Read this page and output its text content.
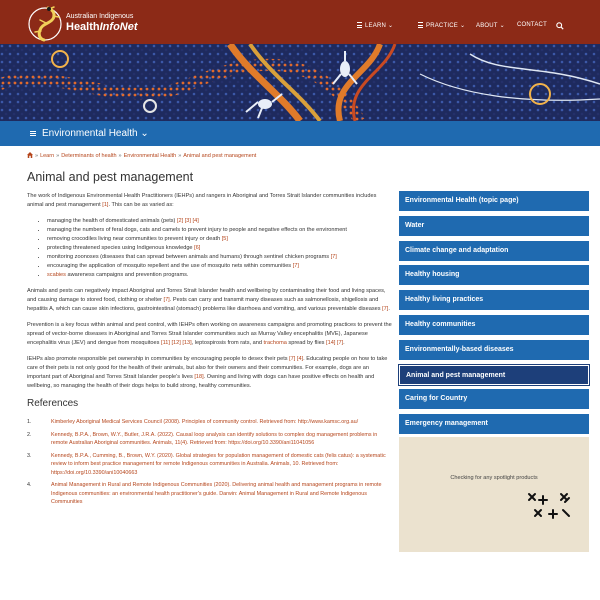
Australian Indigenous
HealthInfoNet	LEARN ⌄	PRACTICE ⌄ ABOUT ⌄ CONTACT
Environmental Health ⌄
» Learn » Determinants of health » Environmental Health » Animal and pest management
Animal and pest management

The work of Indigenous Environmental Health Practitioners (IEHPs) and rangers in Aboriginal and Torres Strait Islander communities includes animal and pest management [1]. This can be as varied as:

• managing the health of domesticated animals (pets) [2] [3] [4]
• managing the numbers of feral dogs, cats and camels to prevent injury to people and negative effects on the environment
• removing crocodiles living near communities to prevent injury or death [5]
• protecting threatened species using Indigenous knowledge [6]
• monitoring zoonoses (diseases that can spread between animals and humans) through sentinel chicken programs [7]
• encouraging the application of mosquito repellent and the use of mosquito nets within communities [7]
• scabies awareness campaigns and prevention programs.

Animals and pests can negatively impact Aboriginal and Torres Strait Islander health and wellbeing by contaminating their food and living spaces, and causing damage to stored food, clothing or shelter [7]. Pests can carry and transmit many diseases such as salmonellosis, shigellosis and hepatitis A, which can cause skin infections, gastrointestinal (stomach) problems like diarrhoea and vomiting, and various preventable diseases [7].

Prevention is a key focus within animal and pest control, with IEHPs often working on awareness campaigns and promoting practices to prevent the spread of vector-borne diseases in Aboriginal and Torres Strait Islander communities such as Murray Valley encephalitis (MVE), Japanese encephalitis virus (JEV) and dengue from mosquitoes [11] [12] [13], leptospirosis from rats, and trachoma spread by flies [14] [7].

IEHPs also promote responsible pet ownership in communities by encouraging people to desex their pets [7] [4]. Educating people on how to take care of their pets is not only good for the health of their animals, but also for their owners and their communities. For example, dogs are an important part of Aboriginal and Torres Strait Islander people's lives [18]. Owning and living with dogs can have positive effects on health and wellbeing, so managing the health of their dogs helps to build strong, healthy communities.

References
1.	Kimberley Aboriginal Medical Services Council (2008). Principles of community control. Retrieved from: http://www.kamsc.org.au/
2.	Kennedy, B.P.A., Brown, W.Y., Butler, J.R.A. (2022). Causal loop analysis can identify solutions to complex dog management problems in remote Australian Aboriginal communities. Animals, 11(4). Retrieved from: https://doi.org/10.3390/ani11041056
3.	Kennedy, B.P.A., Cumming, B., Brown, W.Y. (2020). Global strategies for population management of domestic cats (felis catus): a systematic review to inform best practice management for remote Indigenous communities in Australia. Animals, 10. Retrieved from: https://doi.org/10.3390/ani10040663
4.	Animal Management in Rural and Remote Indigenous Communities (2020). Delivering animal health and management programs in remote Indigenous communities: an environmental health practitioner's guide. Darwin: Animal Management in Rural and Remote Indigenous Communities
Environmental Health (topic page)
Water
Climate change and adaptation
Healthy housing
Healthy living practices
Healthy communities
Environmentally-based diseases
Animal and pest management
Caring for Country
Emergency management
Checking for any spotlight products
